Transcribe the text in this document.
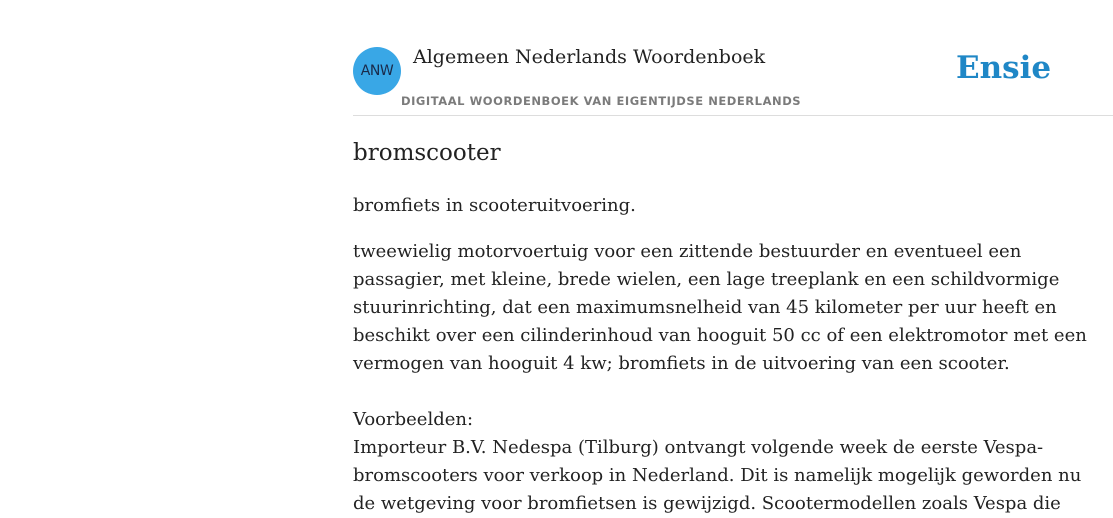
ANW
Algemeen Nederlands Woordenboek
DIGITAAL WOORDENBOEK VAN EIGENTIJDSE NEDERLANDS
Ensie
bromscooter
bromfiets in scooteruitvoering.
tweewielig motorvoertuig voor een zittende bestuurder en eventueel een
passagier, met kleine, brede wielen, een lage treeplank en een schildvormige
stuurinrichting, dat een maximumsnelheid van 45 kilometer per uur heeft en
beschikt over een cilinderinhoud van hooguit 50 cc of een elektromotor met een
vermogen van hooguit 4 kw; bromfiets in de uitvoering van een scooter.
Voorbeelden:
Importeur B.V. Nedespa (Tilburg) ontvangt volgende week de eerste Vespa-
bromscooters voor verkoop in Nederland. Dit is namelijk mogelijk geworden nu
de wetgeving voor bromfietsen is gewijzigd. Scootermodellen zoals Vespa die
